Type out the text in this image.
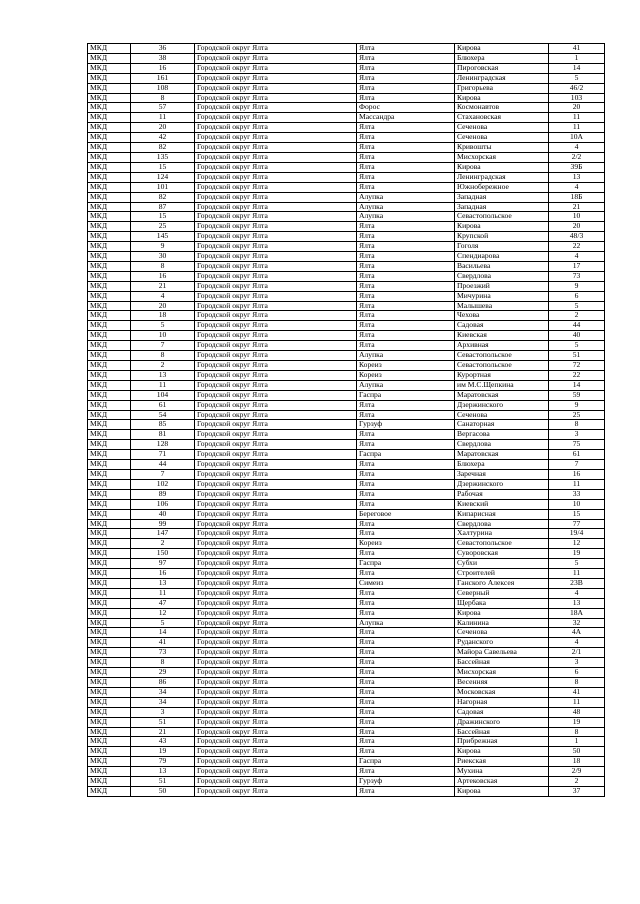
МКД	36	Городской округ Ялта	Ялта	Кирова	41
МКД	38	Городской округ Ялта	Ялта	Блюхера	1
МКД	16	Городской округ Ялта	Ялта	Пироговская	14
МКД	161	Городской округ Ялта	Ялта	Ленинградская	5
МКД	108	Городской округ Ялта	Ялта	Григорьева	46/2
МКД	8	Городской округ Ялта	Ялта	Кирова	103
МКД	57	Городской округ Ялта	Форос	Космонавтов	20
МКД	11	Городской округ Ялта	Массандра	Стахановская	11
МКД	20	Городской округ Ялта	Ялта	Сеченова	11
МКД	42	Городской округ Ялта	Ялта	Сеченова	10А
МКД	82	Городской округ Ялта	Ялта	Кривошты	4
МКД	135	Городской округ Ялта	Ялта	Мисхорская	2/2
МКД	15	Городской округ Ялта	Ялта	Кирова	39Б
МКД	124	Городской округ Ялта	Ялта	Ленинградская	13
МКД	101	Городской округ Ялта	Ялта	Южнобережное	4
МКД	82	Городской округ Ялта	Алупка	Западная	18Б
МКД	87	Городской округ Ялта	Алупка	Западная	21
МКД	15	Городской округ Ялта	Алупка	Севастопольское	10
МКД	25	Городской округ Ялта	Ялта	Кирова	20
МКД	145	Городской округ Ялта	Ялта	Крупской	48/3
МКД	9	Городской округ Ялта	Ялта	Гоголя	22
МКД	30	Городской округ Ялта	Ялта	Спендиарова	4
МКД	8	Городской округ Ялта	Ялта	Васильева	17
МКД	16	Городской округ Ялта	Ялта	Свердлова	73
МКД	21	Городской округ Ялта	Ялта	Проезжий	9
МКД	4	Городской округ Ялта	Ялта	Мичурина	6
МКД	20	Городской округ Ялта	Ялта	Малышева	5
МКД	18	Городской округ Ялта	Ялта	Чехова	2
МКД	5	Городской округ Ялта	Ялта	Садовая	44
МКД	10	Городской округ Ялта	Ялта	Киевская	40
МКД	7	Городской округ Ялта	Ялта	Архивная	5
МКД	8	Городской округ Ялта	Алупка	Севастопольское	51
МКД	2	Городской округ Ялта	Кореиз	Севастопольское	72
МКД	13	Городской округ Ялта	Кореиз	Курортная	22
МКД	11	Городской округ Ялта	Алупка	им М.С.Щепкина	14
МКД	104	Городской округ Ялта	Гаспра	Маратовская	59
МКД	61	Городской округ Ялта	Ялта	Дзержинского	9
МКД	54	Городской округ Ялта	Ялта	Сеченова	25
МКД	85	Городской округ Ялта	Гурзуф	Санаторная	8
МКД	81	Городской округ Ялта	Ялта	Вергасова	3
МКД	128	Городской округ Ялта	Ялта	Свердлова	75
МКД	71	Городской округ Ялта	Гаспра	Маратовская	61
МКД	44	Городской округ Ялта	Ялта	Блюхера	7
МКД	7	Городской округ Ялта	Ялта	Заречная	16
МКД	102	Городской округ Ялта	Ялта	Дзержинского	11
МКД	89	Городской округ Ялта	Ялта	Рабочая	33
МКД	106	Городской округ Ялта	Ялта	Киевский	10
МКД	40	Городской округ Ялта	Береговое	Кипарисная	15
МКД	99	Городской округ Ялта	Ялта	Свердлова	77
МКД	147	Городской округ Ялта	Ялта	Халтурина	19/4
МКД	2	Городской округ Ялта	Кореиз	Севастопольское	12
МКД	150	Городской округ Ялта	Ялта	Суворовская	19
МКД	97	Городской округ Ялта	Гаспра	Субхи	5
МКД	16	Городской округ Ялта	Ялта	Строителей	11
МКД	13	Городской округ Ялта	Симеиз	Ганского Алексея	23В
МКД	11	Городской округ Ялта	Ялта	Северный	4
МКД	47	Городской округ Ялта	Ялта	Щербака	13
МКД	12	Городской округ Ялта	Ялта	Кирова	18А
МКД	5	Городской округ Ялта	Алупка	Калинина	32
МКД	14	Городской округ Ялта	Ялта	Сеченова	4А
МКД	41	Городской округ Ялта	Ялта	Руданского	4
МКД	73	Городской округ Ялта	Ялта	Майора Савельева	2/1
МКД	8	Городской округ Ялта	Ялта	Бассейная	3
МКД	29	Городской округ Ялта	Ялта	Мисхорская	6
МКД	86	Городской округ Ялта	Ялта	Весенняя	8
МКД	34	Городской округ Ялта	Ялта	Московская	41
МКД	34	Городской округ Ялта	Ялта	Нагорная	11
МКД	3	Городской округ Ялта	Ялта	Садовая	48
МКД	51	Городской округ Ялта	Ялта	Дражинского	19
МКД	21	Городской округ Ялта	Ялта	Бассейная	8
МКД	43	Городской округ Ялта	Ялта	Прибрежная	1
МКД	19	Городской округ Ялта	Ялта	Кирова	50
МКД	79	Городской округ Ялта	Гаспра	Риекская	18
МКД	13	Городской округ Ялта	Ялта	Мухина	2/9
МКД	51	Городской округ Ялта	Гурзуф	Артековская	2
МКД	50	Городской округ Ялта	Ялта	Кирова	37
